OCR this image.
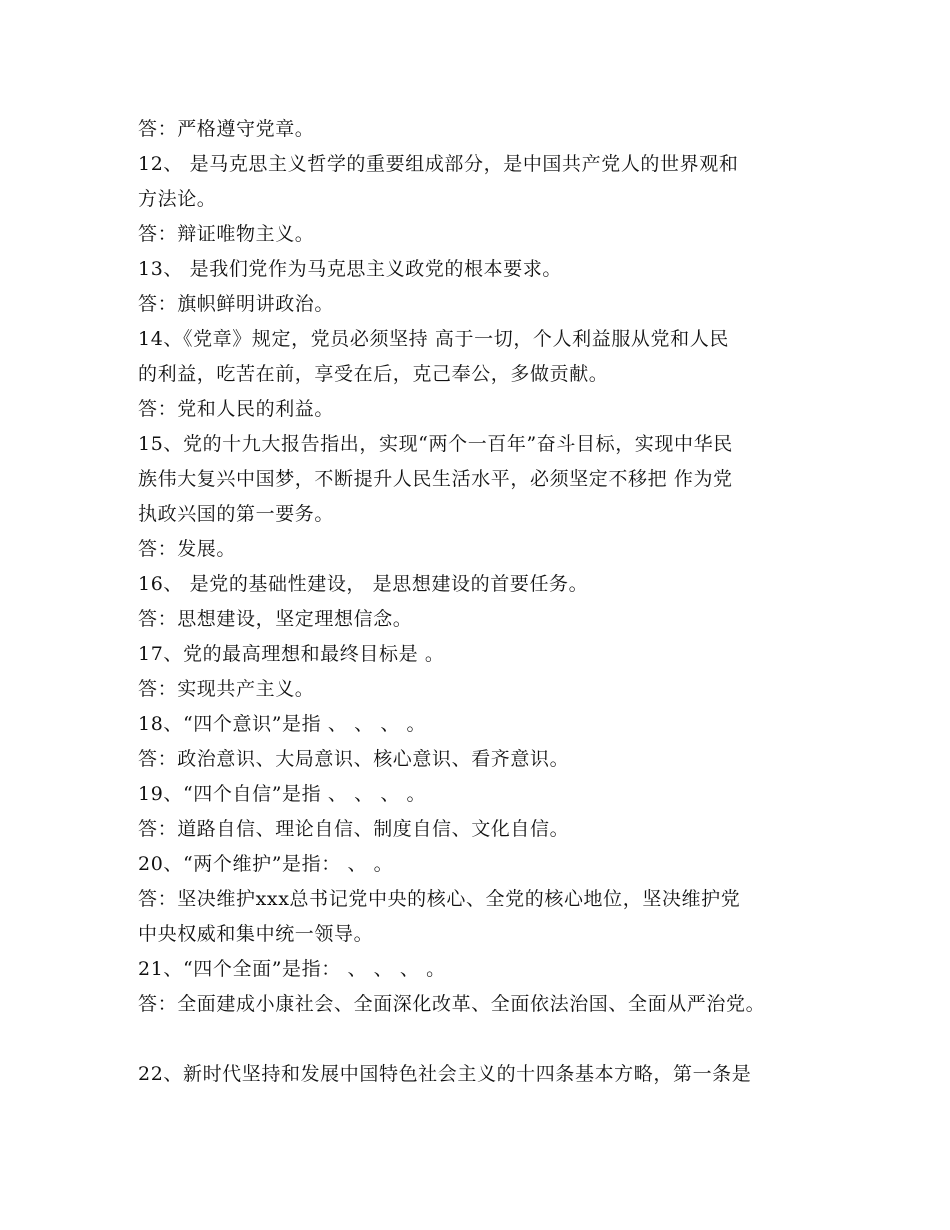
答：严格遵守党章。
12、 是马克思主义哲学的重要组成部分，是中国共产党人的世界观和
方法论。
答：辩证唯物主义。
13、 是我们党作为马克思主义政党的根本要求。
答：旗帜鲜明讲政治。
14、《党章》规定，党员必须坚持 高于一切，个人利益服从党和人民
的利益，吃苦在前，享受在后，克己奉公，多做贡献。
答：党和人民的利益。
15、党的十九大报告指出，实现“两个一百年”奋斗目标，实现中华民
族伟大复兴中国梦，不断提升人民生活水平，必须坚定不移把 作为党
执政兴国的第一要务。
答：发展。
16、 是党的基础性建设， 是思想建设的首要任务。
答：思想建设，坚定理想信念。
17、党的最高理想和最终目标是 。
答：实现共产主义。
18、“四个意识”是指 、 、 、 。
答：政治意识、大局意识、核心意识、看齐意识。
19、“四个自信”是指 、 、 、 。
答：道路自信、理论自信、制度自信、文化自信。
20、“两个维护”是指： 、 。
答：坚决维护xxx总书记党中央的核心、全党的核心地位，坚决维护党
中央权威和集中统一领导。
21、“四个全面”是指： 、 、 、 。
答：全面建成小康社会、全面深化改革、全面依法治国、全面从严治党。
22、新时代坚持和发展中国特色社会主义的十四条基本方略，第一条是
